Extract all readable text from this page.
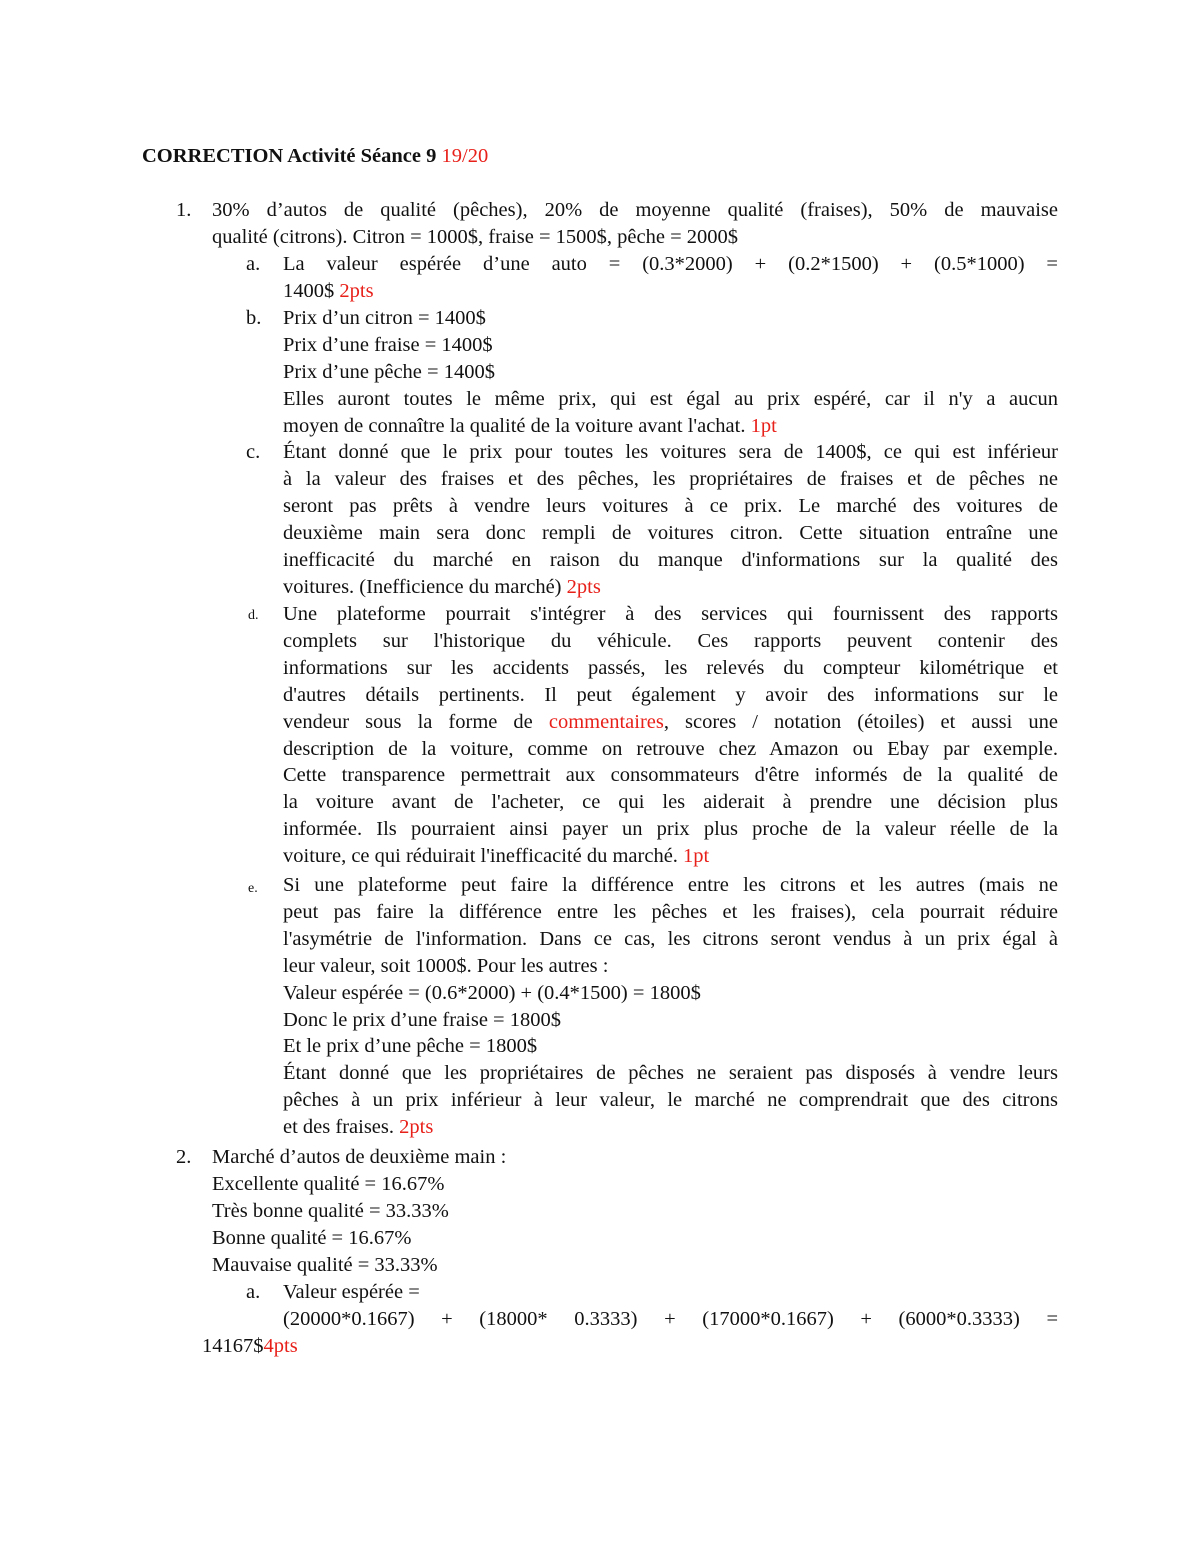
CORRECTION Activité Séance 9 19/20
1. 30% d’autos de qualité (pêches), 20% de moyenne qualité (fraises), 50% de mauvaise
qualité (citrons). Citron = 1000$, fraise = 1500$, pêche = 2000$
a. La valeur espérée d’une auto = (0.3*2000) + (0.2*1500) + (0.5*1000) =
1400$ 2pts
b. Prix d’un citron = 1400$
Prix d’une fraise = 1400$
Prix d’une pêche = 1400$
Elles auront toutes le même prix, qui est égal au prix espéré, car il n'y a aucun
moyen de connaître la qualité de la voiture avant l'achat. 1pt
c. Étant donné que le prix pour toutes les voitures sera de 1400$, ce qui est inférieur
à la valeur des fraises et des pêches, les propriétaires de fraises et de pêches ne
seront pas prêts à vendre leurs voitures à ce prix. Le marché des voitures de
deuxième main sera donc rempli de voitures citron. Cette situation entraîne une
inefficacité du marché en raison du manque d'informations sur la qualité des
voitures. (Inefficience du marché) 2pts
d. Une plateforme pourrait s'intégrer à des services qui fournissent des rapports
complets sur l'historique du véhicule. Ces rapports peuvent contenir des
informations sur les accidents passés, les relevés du compteur kilométrique et
d'autres détails pertinents. Il peut également y avoir des informations sur le
vendeur sous la forme de commentaires, scores / notation (étoiles) et aussi une
description de la voiture, comme on retrouve chez Amazon ou Ebay par exemple.
Cette transparence permettrait aux consommateurs d'être informés de la qualité de
la voiture avant de l'acheter, ce qui les aiderait à prendre une décision plus
informée. Ils pourraient ainsi payer un prix plus proche de la valeur réelle de la
voiture, ce qui réduirait l'inefficacité du marché. 1pt
e. Si une plateforme peut faire la différence entre les citrons et les autres (mais ne
peut pas faire la différence entre les pêches et les fraises), cela pourrait réduire
l'asymétrie de l'information. Dans ce cas, les citrons seront vendus à un prix égal à
leur valeur, soit 1000$. Pour les autres :
Valeur espérée = (0.6*2000) + (0.4*1500) = 1800$
Donc le prix d’une fraise = 1800$
Et le prix d’une pêche = 1800$
Étant donné que les propriétaires de pêches ne seraient pas disposés à vendre leurs
pêches à un prix inférieur à leur valeur, le marché ne comprendrait que des citrons
et des fraises. 2pts
2. Marché d’autos de deuxième main :
Excellente qualité = 16.67%
Très bonne qualité = 33.33%
Bonne qualité = 16.67%
Mauvaise qualité = 33.33%
a. Valeur espérée =
(20000*0.1667) + (18000* 0.3333) + (17000*0.1667) + (6000*0.3333) =
14167$4pts
